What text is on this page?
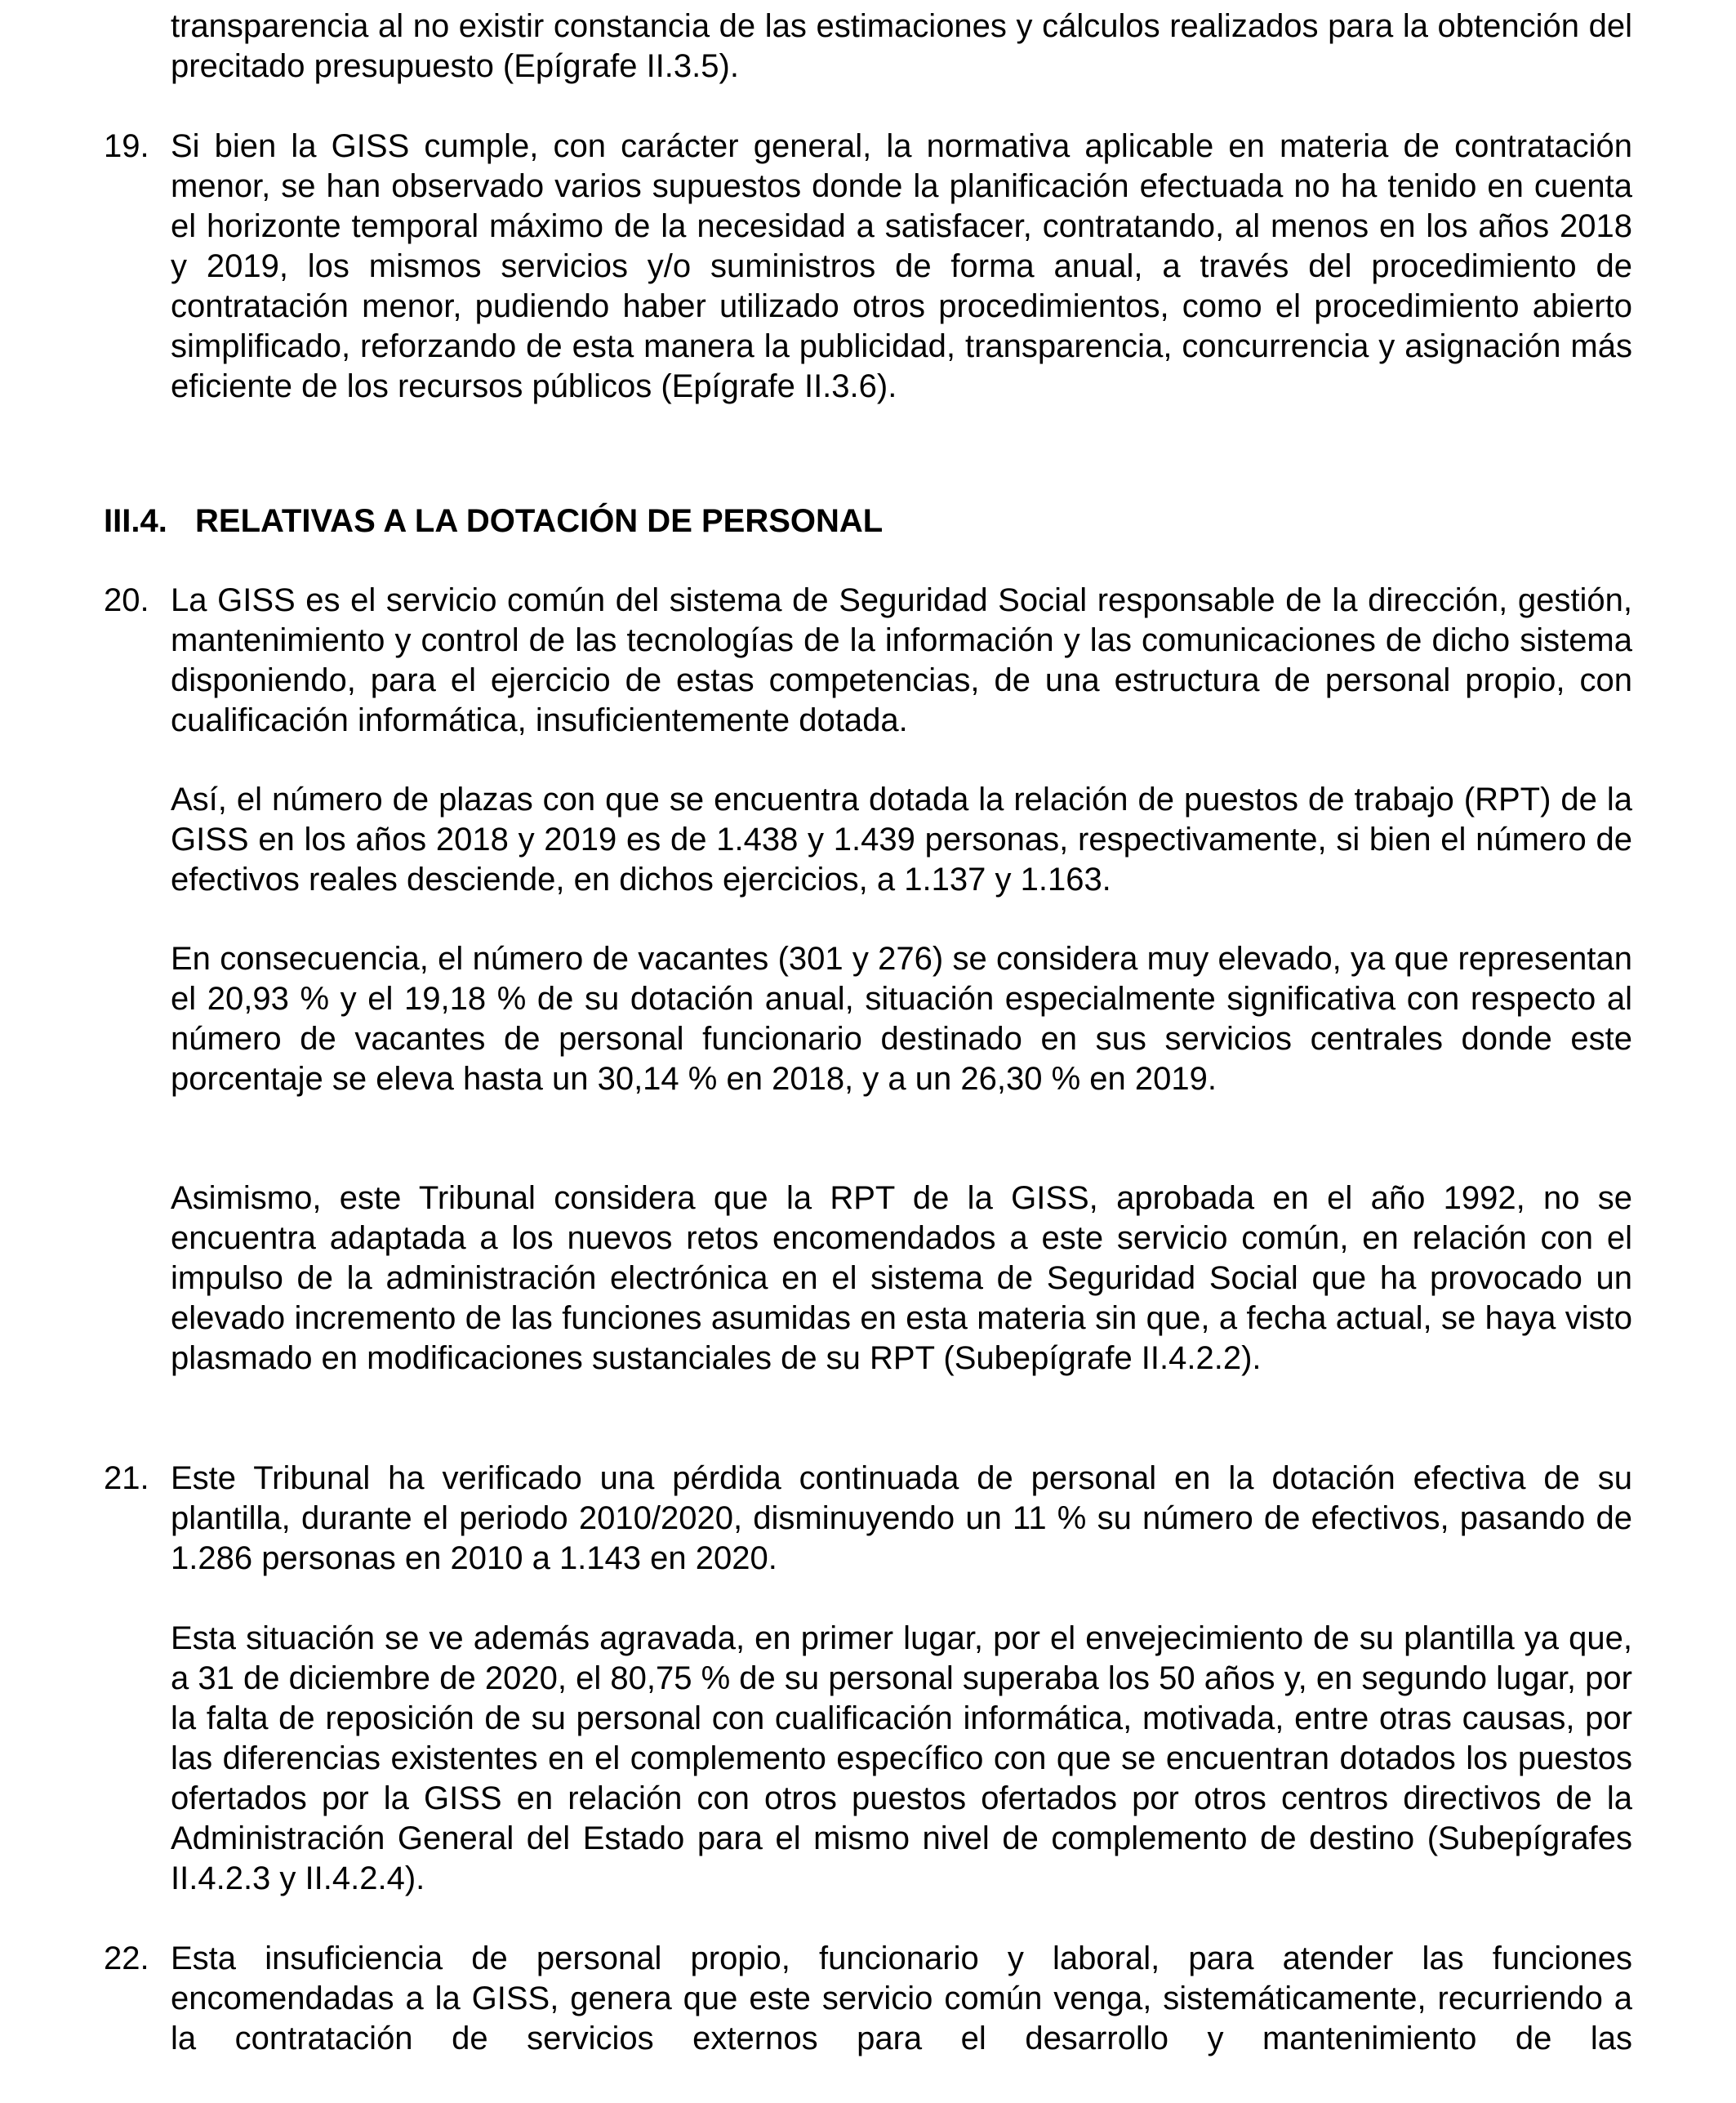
transparencia al no existir constancia de las estimaciones y cálculos realizados para la obtención del precitado presupuesto (Epígrafe II.3.5).

19. Si bien la GISS cumple, con carácter general, la normativa aplicable en materia de contratación menor, se han observado varios supuestos donde la planificación efectuada no ha tenido en cuenta el horizonte temporal máximo de la necesidad a satisfacer, contratando, al menos en los años 2018 y 2019, los mismos servicios y/o suministros de forma anual, a través del procedimiento de contratación menor, pudiendo haber utilizado otros procedimientos, como el procedimiento abierto simplificado, reforzando de esta manera la publicidad, transparencia, concurrencia y asignación más eficiente de los recursos públicos (Epígrafe II.3.6).

III.4. RELATIVAS A LA DOTACIÓN DE PERSONAL

20. La GISS es el servicio común del sistema de Seguridad Social responsable de la dirección, gestión, mantenimiento y control de las tecnologías de la información y las comunicaciones de dicho sistema disponiendo, para el ejercicio de estas competencias, de una estructura de personal propio, con cualificación informática, insuficientemente dotada.

Así, el número de plazas con que se encuentra dotada la relación de puestos de trabajo (RPT) de la GISS en los años 2018 y 2019 es de 1.438 y 1.439 personas, respectivamente, si bien el número de efectivos reales desciende, en dichos ejercicios, a 1.137 y 1.163.

En consecuencia, el número de vacantes (301 y 276) se considera muy elevado, ya que representan el 20,93 % y el 19,18 % de su dotación anual, situación especialmente significativa con respecto al número de vacantes de personal funcionario destinado en sus servicios centrales donde este porcentaje se eleva hasta un 30,14 % en 2018, y a un 26,30 % en 2019.

Asimismo, este Tribunal considera que la RPT de la GISS, aprobada en el año 1992, no se encuentra adaptada a los nuevos retos encomendados a este servicio común, en relación con el impulso de la administración electrónica en el sistema de Seguridad Social que ha provocado un elevado incremento de las funciones asumidas en esta materia sin que, a fecha actual, se haya visto plasmado en modificaciones sustanciales de su RPT (Subepígrafe II.4.2.2).

21. Este Tribunal ha verificado una pérdida continuada de personal en la dotación efectiva de su plantilla, durante el periodo 2010/2020, disminuyendo un 11 % su número de efectivos, pasando de 1.286 personas en 2010 a 1.143 en 2020.

Esta situación se ve además agravada, en primer lugar, por el envejecimiento de su plantilla ya que, a 31 de diciembre de 2020, el 80,75 % de su personal superaba los 50 años y, en segundo lugar, por la falta de reposición de su personal con cualificación informática, motivada, entre otras causas, por las diferencias existentes en el complemento específico con que se encuentran dotados los puestos ofertados por la GISS en relación con otros puestos ofertados por otros centros directivos de la Administración General del Estado para el mismo nivel de complemento de destino (Subepígrafes II.4.2.3 y II.4.2.4).

22. Esta insuficiencia de personal propio, funcionario y laboral, para atender las funciones encomendadas a la GISS, genera que este servicio común venga, sistemáticamente, recurriendo a la contratación de servicios externos para el desarrollo y mantenimiento de las
